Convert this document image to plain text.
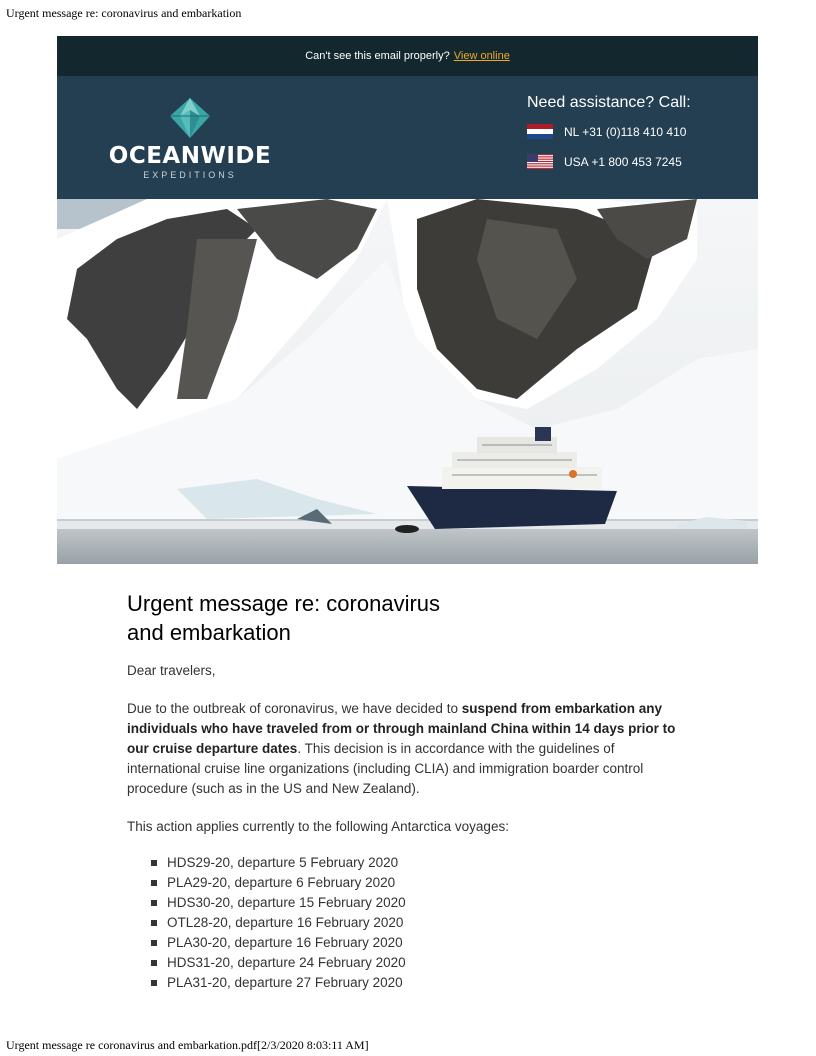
Urgent message re: coronavirus and embarkation
Can't see this email properly? View online
OCEANWIDE
EXPEDITIONS
Need assistance? Call:
NL +31 (0)118 410 410
USA +1 800 453 7245
Urgent message re: coronavirus
and embarkation

Dear travelers,

Due to the outbreak of coronavirus, we have decided to suspend from embarkation any individuals who have traveled from or through mainland China within 14 days prior to our cruise departure dates. This decision is in accordance with the guidelines of international cruise line organizations (including CLIA) and immigration boarder control procedure (such as in the US and New Zealand).

This action applies currently to the following Antarctica voyages:

HDS29-20, departure 5 February 2020
PLA29-20, departure 6 February 2020
HDS30-20, departure 15 February 2020
OTL28-20, departure 16 February 2020
PLA30-20, departure 16 February 2020
HDS31-20, departure 24 February 2020
PLA31-20, departure 27 February 2020
Urgent message re coronavirus and embarkation.pdf[2/3/2020 8:03:11 AM]
